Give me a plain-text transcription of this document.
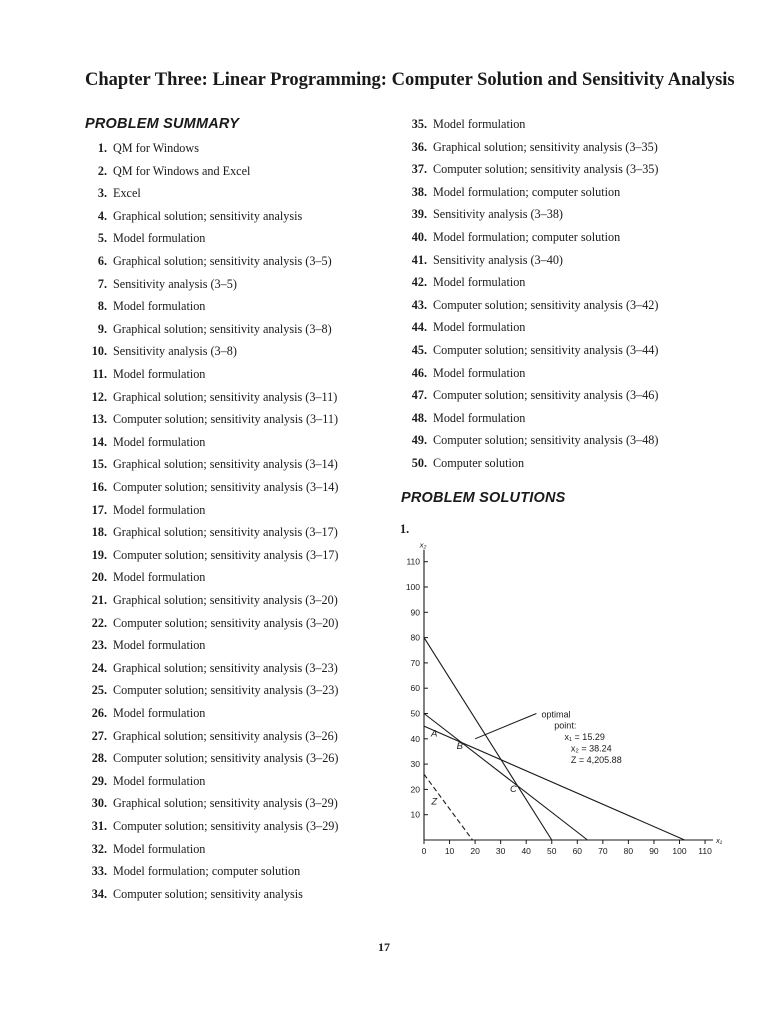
Chapter Three: Linear Programming: Computer Solution and Sensitivity Analysis
PROBLEM SUMMARY
1. QM for Windows
2. QM for Windows and Excel
3. Excel
4. Graphical solution; sensitivity analysis
5. Model formulation
6. Graphical solution; sensitivity analysis (3–5)
7. Sensitivity analysis (3–5)
8. Model formulation
9. Graphical solution; sensitivity analysis (3–8)
10. Sensitivity analysis (3–8)
11. Model formulation
12. Graphical solution; sensitivity analysis (3–11)
13. Computer solution; sensitivity analysis (3–11)
14. Model formulation
15. Graphical solution; sensitivity analysis (3–14)
16. Computer solution; sensitivity analysis (3–14)
17. Model formulation
18. Graphical solution; sensitivity analysis (3–17)
19. Computer solution; sensitivity analysis (3–17)
20. Model formulation
21. Graphical solution; sensitivity analysis (3–20)
22. Computer solution; sensitivity analysis (3–20)
23. Model formulation
24. Graphical solution; sensitivity analysis (3–23)
25. Computer solution; sensitivity analysis (3–23)
26. Model formulation
27. Graphical solution; sensitivity analysis (3–26)
28. Computer solution; sensitivity analysis (3–26)
29. Model formulation
30. Graphical solution; sensitivity analysis (3–29)
31. Computer solution; sensitivity analysis (3–29)
32. Model formulation
33. Model formulation; computer solution
34. Computer solution; sensitivity analysis
35. Model formulation
36. Graphical solution; sensitivity analysis (3–35)
37. Computer solution; sensitivity analysis (3–35)
38. Model formulation; computer solution
39. Sensitivity analysis (3–38)
40. Model formulation; computer solution
41. Sensitivity analysis (3–40)
42. Model formulation
43. Computer solution; sensitivity analysis (3–42)
44. Model formulation
45. Computer solution; sensitivity analysis (3–44)
46. Model formulation
47. Computer solution; sensitivity analysis (3–46)
48. Model formulation
49. Computer solution; sensitivity analysis (3–48)
50. Computer solution
PROBLEM SOLUTIONS
1.
0 10 20 30 40 50 60 70 80 90 100 110
10
20
30
40
50
60
70
80
90
100
110
x₂
x₁
A
B
C
Z
optimal
point:
x₁ = 15.29
x₂ = 38.24
Z = 4,205.88
17
